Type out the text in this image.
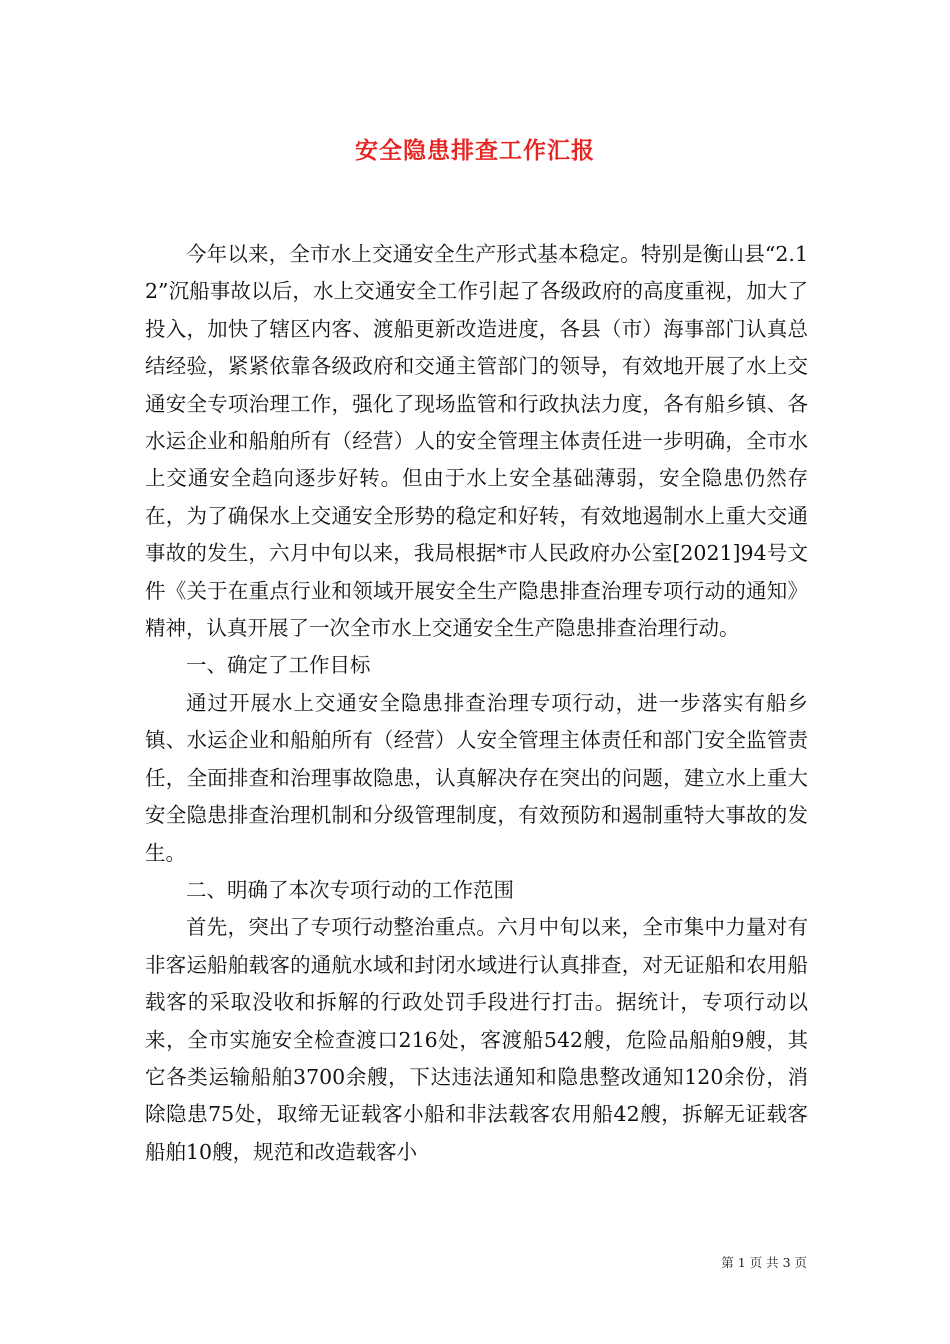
安全隐患排查工作汇报

今年以来，全市水上交通安全生产形式基本稳定。特别是衡山县“2.12”沉船事故以后，水上交通安全工作引起了各级政府的高度重视，加大了投入，加快了辖区内客、渡船更新改造进度，各县（市）海事部门认真总结经验，紧紧依靠各级政府和交通主管部门的领导，有效地开展了水上交通安全专项治理工作，强化了现场监管和行政执法力度，各有船乡镇、各水运企业和船舶所有（经营）人的安全管理主体责任进一步明确，全市水上交通安全趋向逐步好转。但由于水上安全基础薄弱，安全隐患仍然存在，为了确保水上交通安全形势的稳定和好转，有效地遏制水上重大交通事故的发生，六月中旬以来，我局根据*市人民政府办公室[2021]94号文件《关于在重点行业和领域开展安全生产隐患排查治理专项行动的通知》精神，认真开展了一次全市水上交通安全生产隐患排查治理行动。

一、确定了工作目标

通过开展水上交通安全隐患排查治理专项行动，进一步落实有船乡镇、水运企业和船舶所有（经营）人安全管理主体责任和部门安全监管责任，全面排查和治理事故隐患，认真解决存在突出的问题，建立水上重大安全隐患排查治理机制和分级管理制度，有效预防和遏制重特大事故的发生。

二、明确了本次专项行动的工作范围

首先，突出了专项行动整治重点。六月中旬以来，全市集中力量对有非客运船舶载客的通航水域和封闭水域进行认真排查，对无证船和农用船载客的采取没收和拆解的行政处罚手段进行打击。据统计，专项行动以来，全市实施安全检查渡口216处，客渡船542艘，危险品船舶9艘，其它各类运输船舶3700余艘，下达违法通知和隐患整改通知120余份，消除隐患75处，取缔无证载客小船和非法载客农用船42艘，拆解无证载客船舶10艘，规范和改造载客小

第 1 页 共 3 页
